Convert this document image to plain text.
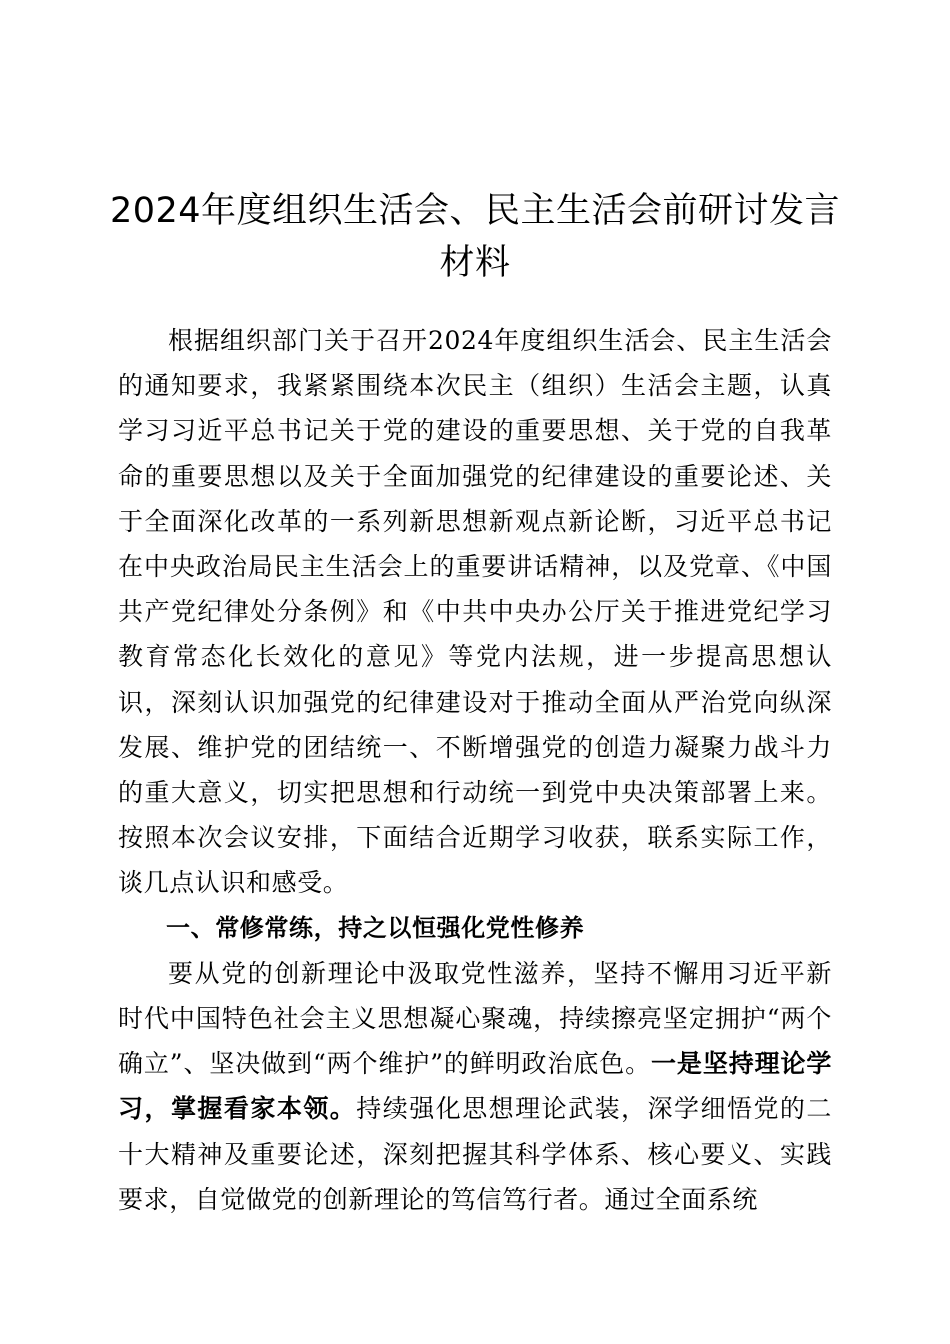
2024年度组织生活会、民主生活会前研讨发言材料

根据组织部门关于召开2024年度组织生活会、民主生活会的通知要求，我紧紧围绕本次民主（组织）生活会主题，认真学习习近平总书记关于党的建设的重要思想、关于党的自我革命的重要思想以及关于全面加强党的纪律建设的重要论述、关于全面深化改革的一系列新思想新观点新论断，习近平总书记在中央政治局民主生活会上的重要讲话精神，以及党章、《中国共产党纪律处分条例》和《中共中央办公厅关于推进党纪学习教育常态化长效化的意见》等党内法规，进一步提高思想认识，深刻认识加强党的纪律建设对于推动全面从严治党向纵深发展、维护党的团结统一、不断增强党的创造力凝聚力战斗力的重大意义，切实把思想和行动统一到党中央决策部署上来。按照本次会议安排，下面结合近期学习收获，联系实际工作，谈几点认识和感受。

一、常修常练，持之以恒强化党性修养

要从党的创新理论中汲取党性滋养，坚持不懈用习近平新时代中国特色社会主义思想凝心聚魂，持续擦亮坚定拥护“两个确立”、坚决做到“两个维护”的鲜明政治底色。一是坚持理论学习，掌握看家本领。持续强化思想理论武装，深学细悟党的二十大精神及重要论述，深刻把握其科学体系、核心要义、实践要求，自觉做党的创新理论的笃信笃行者。通过全面系统
